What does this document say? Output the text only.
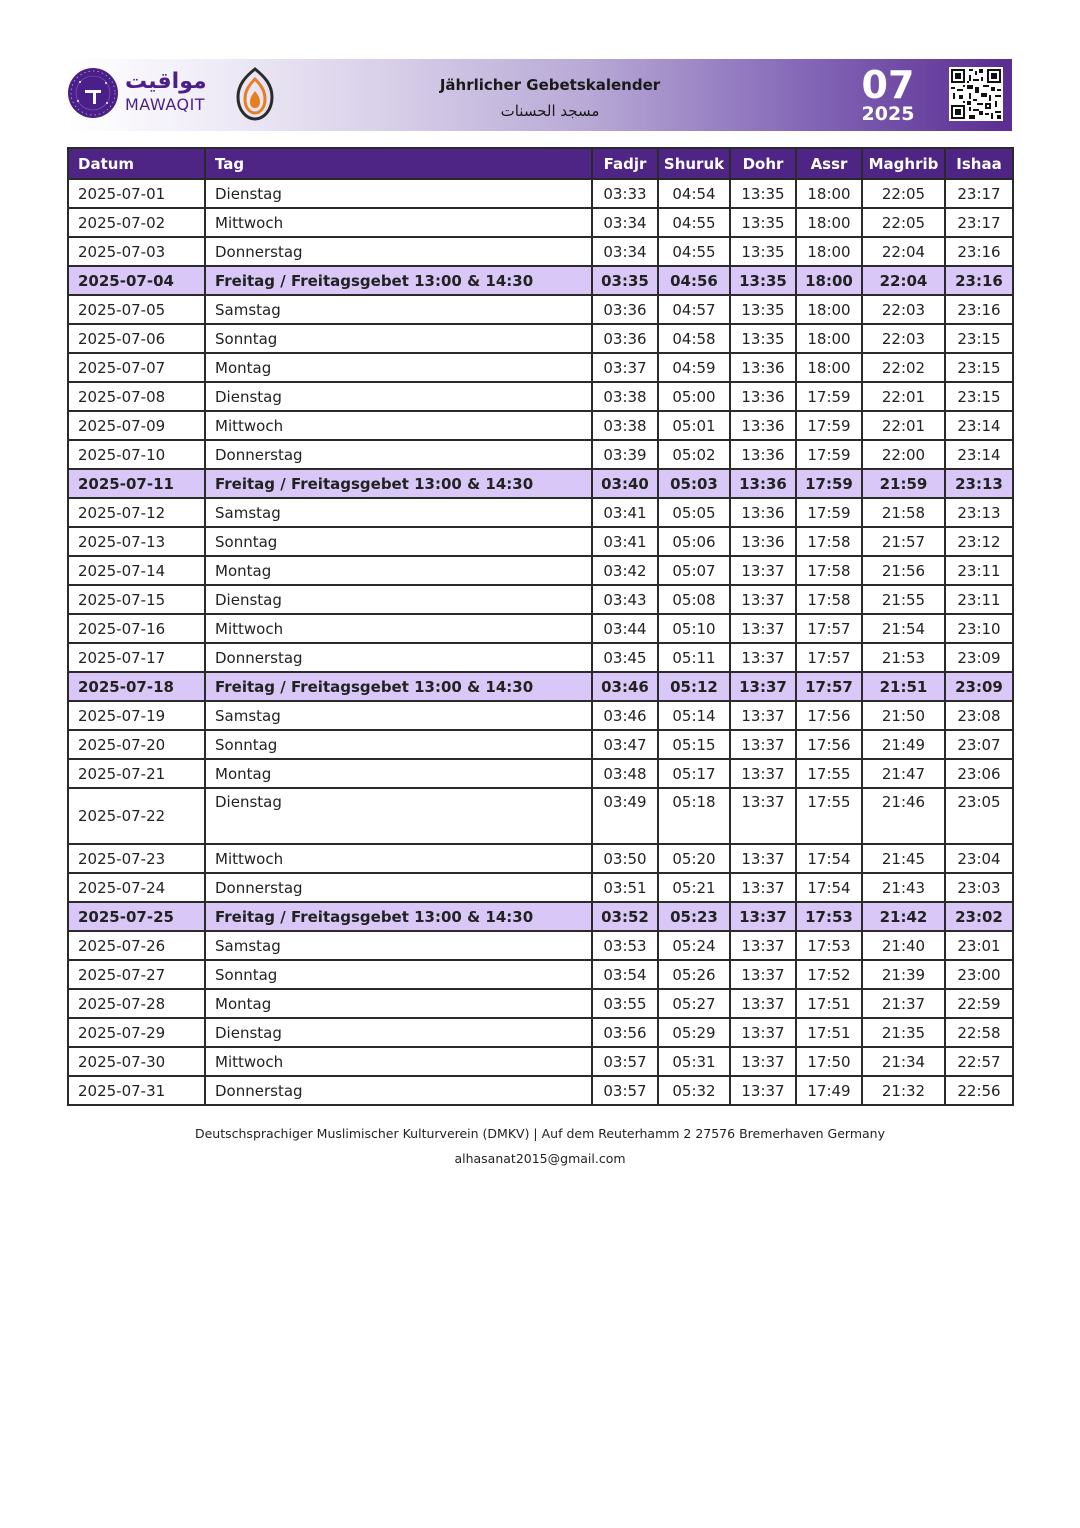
مواقيت
MAWAQIT
Jährlicher Gebetskalender
مسجد الحسنات
07
2025
Datum	Tag	Fadjr	Shuruk	Dohr	Assr	Maghrib	Ishaa
2025-07-01	Dienstag	03:33	04:54	13:35	18:00	22:05	23:17
2025-07-02	Mittwoch	03:34	04:55	13:35	18:00	22:05	23:17
2025-07-03	Donnerstag	03:34	04:55	13:35	18:00	22:04	23:16
2025-07-04	Freitag / Freitagsgebet 13:00 & 14:30	03:35	04:56	13:35	18:00	22:04	23:16
2025-07-05	Samstag	03:36	04:57	13:35	18:00	22:03	23:16
2025-07-06	Sonntag	03:36	04:58	13:35	18:00	22:03	23:15
2025-07-07	Montag	03:37	04:59	13:36	18:00	22:02	23:15
2025-07-08	Dienstag	03:38	05:00	13:36	17:59	22:01	23:15
2025-07-09	Mittwoch	03:38	05:01	13:36	17:59	22:01	23:14
2025-07-10	Donnerstag	03:39	05:02	13:36	17:59	22:00	23:14
2025-07-11	Freitag / Freitagsgebet 13:00 & 14:30	03:40	05:03	13:36	17:59	21:59	23:13
2025-07-12	Samstag	03:41	05:05	13:36	17:59	21:58	23:13
2025-07-13	Sonntag	03:41	05:06	13:36	17:58	21:57	23:12
2025-07-14	Montag	03:42	05:07	13:37	17:58	21:56	23:11
2025-07-15	Dienstag	03:43	05:08	13:37	17:58	21:55	23:11
2025-07-16	Mittwoch	03:44	05:10	13:37	17:57	21:54	23:10
2025-07-17	Donnerstag	03:45	05:11	13:37	17:57	21:53	23:09
2025-07-18	Freitag / Freitagsgebet 13:00 & 14:30	03:46	05:12	13:37	17:57	21:51	23:09
2025-07-19	Samstag	03:46	05:14	13:37	17:56	21:50	23:08
2025-07-20	Sonntag	03:47	05:15	13:37	17:56	21:49	23:07
2025-07-21	Montag	03:48	05:17	13:37	17:55	21:47	23:06
2025-07-22	Dienstag	03:49	05:18	13:37	17:55	21:46	23:05
2025-07-23	Mittwoch	03:50	05:20	13:37	17:54	21:45	23:04
2025-07-24	Donnerstag	03:51	05:21	13:37	17:54	21:43	23:03
2025-07-25	Freitag / Freitagsgebet 13:00 & 14:30	03:52	05:23	13:37	17:53	21:42	23:02
2025-07-26	Samstag	03:53	05:24	13:37	17:53	21:40	23:01
2025-07-27	Sonntag	03:54	05:26	13:37	17:52	21:39	23:00
2025-07-28	Montag	03:55	05:27	13:37	17:51	21:37	22:59
2025-07-29	Dienstag	03:56	05:29	13:37	17:51	21:35	22:58
2025-07-30	Mittwoch	03:57	05:31	13:37	17:50	21:34	22:57
2025-07-31	Donnerstag	03:57	05:32	13:37	17:49	21:32	22:56
Deutschsprachiger Muslimischer Kulturverein (DMKV) | Auf dem Reuterhamm 2 27576 Bremerhaven Germany
alhasanat2015@gmail.com
